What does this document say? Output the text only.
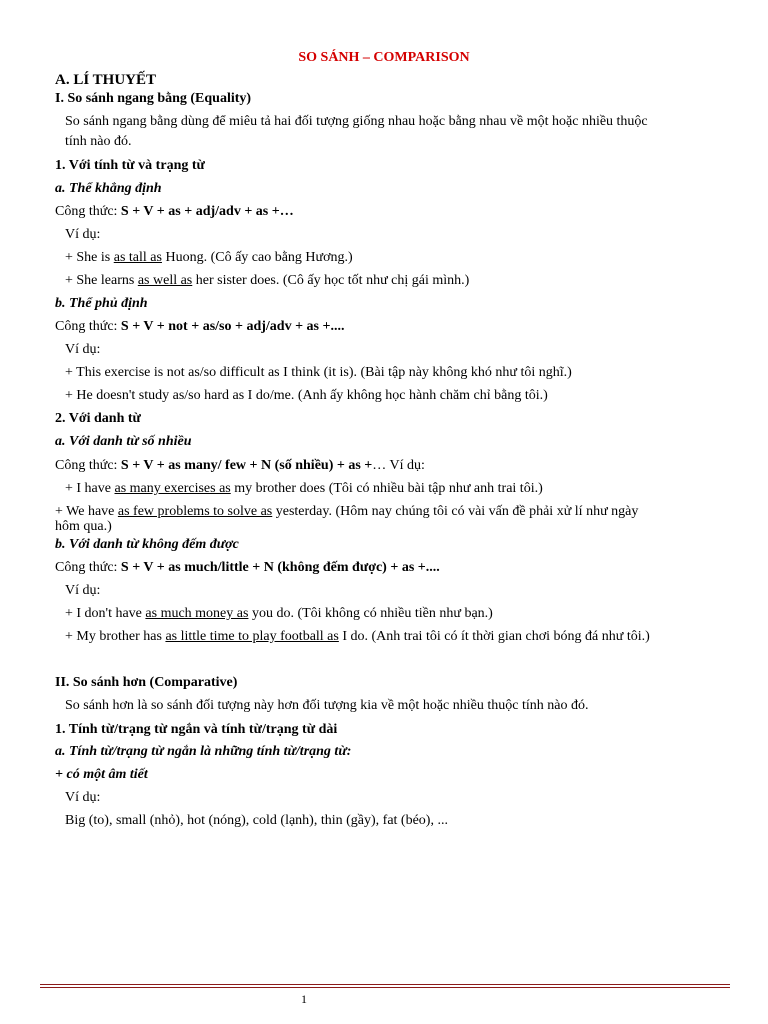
SO SÁNH – COMPARISON
A. LÍ THUYẾT
I. So sánh ngang bằng (Equality)
So sánh ngang bằng dùng để miêu tả hai đối tượng giống nhau hoặc bằng nhau về một hoặc nhiều thuộc
tính nào đó.
1. Với tính từ và trạng từ
a. Thể khẳng định
Công thức: S + V + as + adj/adv + as +…
Ví dụ:
+ She is as tall as Huong. (Cô ấy cao bằng Hương.)
+ She learns as well as her sister does. (Cô ấy học tốt như chị gái mình.)
b. Thể phủ định
Công thức: S + V + not + as/so + adj/adv + as +....
Ví dụ:
+ This exercise is not as/so difficult as I think (it is). (Bài tập này không khó như tôi nghĩ.)
+ He doesn't study as/so hard as I do/me. (Anh ấy không học hành chăm chỉ bằng tôi.)
2. Với danh từ
a. Với danh từ số nhiều
Công thức: S + V + as many/ few + N (số nhiều) + as +… Ví dụ:
+ I have as many exercises as my brother does (Tôi có nhiều bài tập như anh trai tôi.)
+ We have as few problems to solve as yesterday. (Hôm nay chúng tôi có vài vấn đề phải xử lí như ngày
hôm qua.)
b. Với danh từ không đếm được
Công thức: S + V + as much/little + N (không đếm được) + as +....
Ví dụ:
+ I don't have as much money as you do. (Tôi không có nhiều tiền như bạn.)
+ My brother has as little time to play football as I do. (Anh trai tôi có ít thời gian chơi bóng đá như tôi.)
II. So sánh hơn (Comparative)
So sánh hơn là so sánh đối tượng này hơn đối tượng kia về một hoặc nhiều thuộc tính nào đó.
1. Tính từ/trạng từ ngắn và tính từ/trạng từ dài
a. Tính từ/trạng từ ngắn là những tính từ/trạng từ:
+ có một âm tiết
Ví dụ:
Big (to), small (nhỏ), hot (nóng), cold (lạnh), thin (gầy), fat (béo), ...
1
